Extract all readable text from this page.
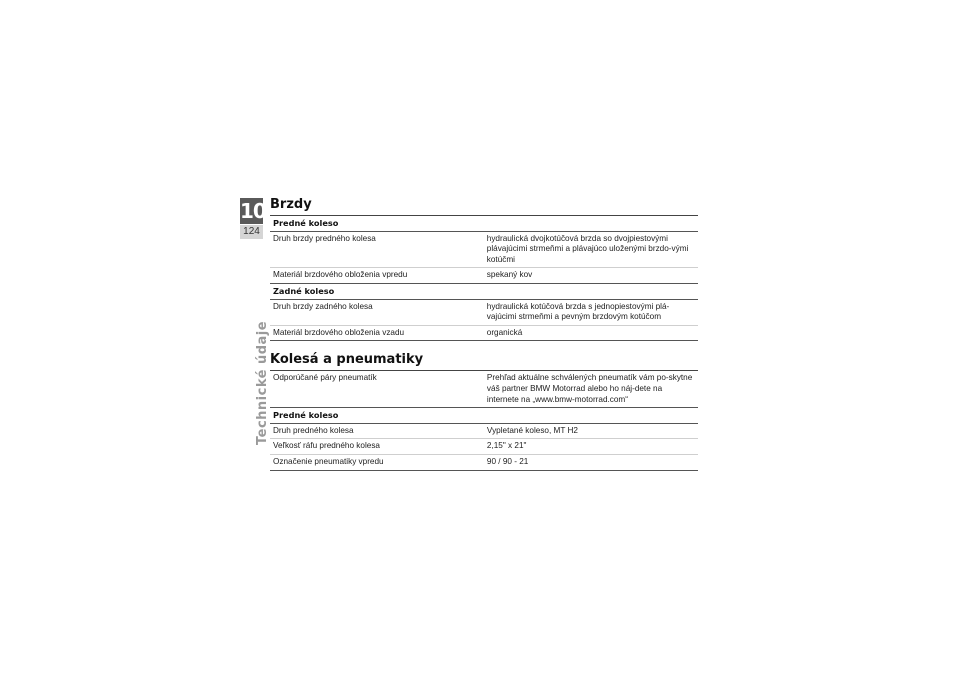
10
124
Technické údaje
Brzdy
Predné koleso	
Druh brzdy predného kolesa	hydraulická dvojkotúčová brzda so dvojpiestovými plávajúcimi strmeňmi a plávajúco uloženými brzdo-vými kotúčmi
Materiál brzdového obloženia vpredu	spekaný kov
Zadné koleso	
Druh brzdy zadného kolesa	hydraulická kotúčová brzda s jednopiestovými plá-vajúcimi strmeňmi a pevným brzdovým kotúčom
Materiál brzdového obloženia vzadu	organická
Kolesá a pneumatiky
Odporúčané páry pneumatík	Prehľad aktuálne schválených pneumatík vám po-skytne váš partner BMW Motorrad alebo ho náj-dete na internete na „www.bmw-motorrad.com“
Predné koleso	
Druh predného kolesa	Vypletané koleso, MT H2
Veľkosť ráfu predného kolesa	2,15" x 21"
Označenie pneumatiky vpredu	90 / 90 - 21
